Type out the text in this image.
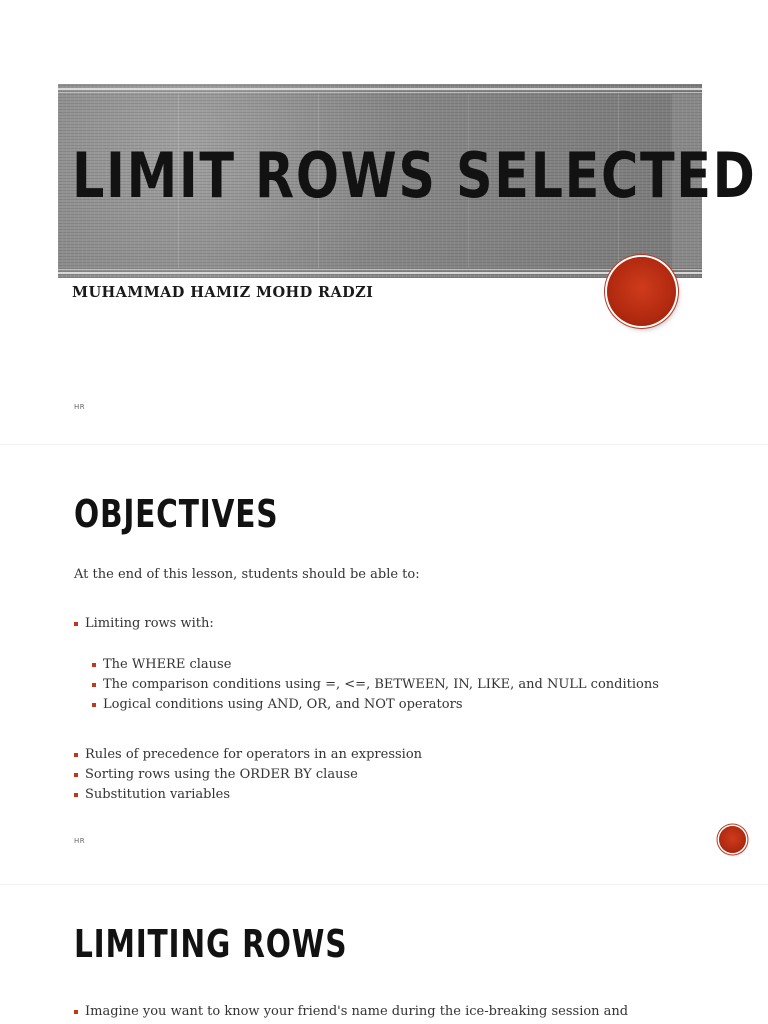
LIMIT ROWS SELECTED
MUHAMMAD HAMIZ MOHD RADZI
HR
OBJECTIVES
At the end of this lesson, students should be able to:
Limiting rows with:
The WHERE clause
The comparison conditions using =, <=, BETWEEN, IN, LIKE, and NULL conditions
Logical conditions using AND, OR, and NOT operators
Rules of precedence for operators in an expression
Sorting rows using the ORDER BY clause
Substitution variables
HR
LIMITING ROWS
Imagine you want to know your friend's name during the ice-breaking session and
